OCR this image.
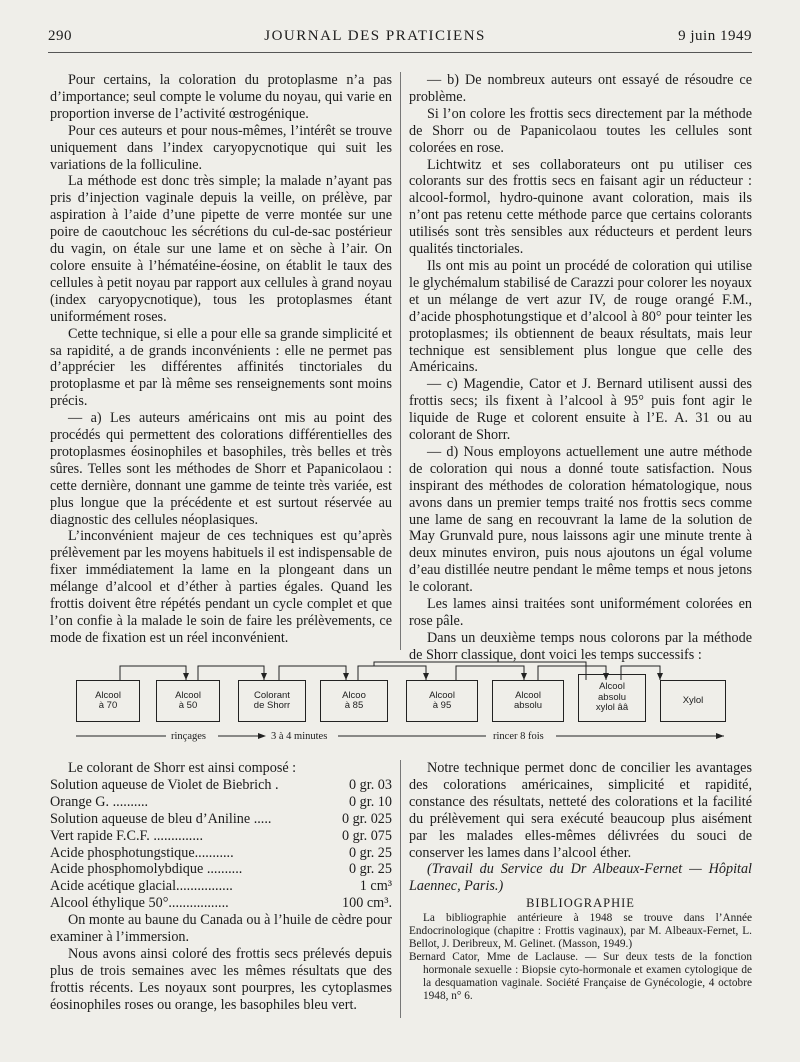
290	JOURNAL DES PRATICIENS	9 juin 1949

Pour certains, la coloration du protoplasme n’a pas d’importance; seul compte le volume du noyau, qui varie en proportion inverse de l’activité œstrogénique.

Pour ces auteurs et pour nous-mêmes, l’intérêt se trouve uniquement dans l’index caryopycnotique qui suit les variations de la folliculine.

La méthode est donc très simple; la malade n’ayant pas pris d’injection vaginale depuis la veille, on prélève, par aspiration à l’aide d’une pipette de verre montée sur une poire de caoutchouc les sécrétions du cul-de-sac postérieur du vagin, on étale sur une lame et on sèche à l’air. On colore ensuite à l’hématéine-éosine, on établit le taux des cellules à petit noyau par rapport aux cellules à grand noyau (index caryopycnotique), tous les protoplasmes étant uniformément roses.

Cette technique, si elle a pour elle sa grande simplicité et sa rapidité, a de grands inconvénients : elle ne permet pas d’apprécier les différentes affinités tinctoriales du protoplasme et par là même ses renseignements sont moins précis.

— a) Les auteurs américains ont mis au point des procédés qui permettent des colorations différentielles des protoplasmes éosinophiles et basophiles, très belles et très sûres. Telles sont les méthodes de Shorr et Papanicolaou : cette dernière, donnant une gamme de teinte très variée, est plus longue que la précédente et est surtout réservée au diagnostic des cellules néoplasiques.

L’inconvénient majeur de ces techniques est qu’après prélèvement par les moyens habituels il est indispensable de fixer immédiatement la lame en la plongeant dans un mélange d’alcool et d’éther à parties égales. Quand les frottis doivent être répétés pendant un cycle complet et que l’on confie à la malade le soin de faire les prélèvements, ce mode de fixation est un réel inconvénient.

— b) De nombreux auteurs ont essayé de résoudre ce problème.

Si l’on colore les frottis secs directement par la méthode de Shorr ou de Papanicolaou toutes les cellules sont colorées en rose.

Lichtwitz et ses collaborateurs ont pu utiliser ces colorants sur des frottis secs en faisant agir un réducteur : alcool-formol, hydro-quinone avant coloration, mais ils n’ont pas retenu cette méthode parce que certains colorants utilisés sont très sensibles aux réducteurs et perdent leurs qualités tinctoriales.

Ils ont mis au point un procédé de coloration qui utilise le glychémalum stabilisé de Carazzi pour colorer les noyaux et un mélange de vert azur IV, de rouge orangé F.M., d’acide phosphotungstique et d’alcool à 80° pour teinter les protoplasmes; ils obtiennent de beaux résultats, mais leur technique est sensiblement plus longue que celle des Américains.

— c) Magendie, Cator et J. Bernard utilisent aussi des frottis secs; ils fixent à l’alcool à 95° puis font agir le liquide de Ruge et colorent ensuite à l’E. A. 31 ou au colorant de Shorr.

— d) Nous employons actuellement une autre méthode de coloration qui nous a donné toute satisfaction. Nous inspirant des méthodes de coloration hématologique, nous avons dans un premier temps traité nos frottis secs comme une lame de sang en recouvrant la lame de la solution de May Grunvald pure, nous laissons agir une minute trente à deux minutes environ, puis nous ajoutons un égal volume d’eau distillée neutre pendant le même temps et nous jetons le colorant.

Les lames ainsi traitées sont uniformément colorées en rose pâle.

Dans un deuxième temps nous colorons par la méthode de Shorr classique, dont voici les temps successifs :

Alcool
à 70
Alcool
à 50
Colorant
de Shorr
Alcoo
à 85
Alcool
à 95
Alcool
absolu
Alcool
absolu
xylol ââ
Xylol
rinçages	3 à 4 minutes	rincer 8 fois

Le colorant de Shorr est ainsi composé :

Solution aqueuse de Violet de Biebrich .	0 gr. 03
Orange G. ..........	0 gr. 10
Solution aqueuse de bleu d’Aniline .....	0 gr. 025
Vert rapide F.C.F. ..............	0 gr. 075
Acide phosphotungstique...........	0 gr. 25
Acide phosphomolybdique ..........	0 gr. 25
Acide acétique glacial................	1 cm³
Alcool éthylique 50°.................	100 cm³.

On monte au baune du Canada ou à l’huile de cèdre pour examiner à l’immersion.

Nous avons ainsi coloré des frottis secs prélevés depuis plus de trois semaines avec les mêmes résultats que des frottis récents. Les noyaux sont pourpres, les cytoplasmes éosinophiles roses ou orange, les basophiles bleu vert.

Notre technique permet donc de concilier les avantages des colorations américaines, simplicité et rapidité, constance des résultats, netteté des colorations et la facilité du prélèvement qui sera exécuté beaucoup plus aisément par les malades elles-mêmes délivrées du souci de conserver les lames dans l’alcool éther.

(Travail du Service du Dr Albeaux-Fernet — Hôpital Laennec, Paris.)

BIBLIOGRAPHIE

La bibliographie antérieure à 1948 se trouve dans l’Année Endocrinologique (chapitre : Frottis vaginaux), par M. Albeaux-Fernet, L. Bellot, J. Deribreux, M. Gelinet. (Masson, 1949.)

Bernard Cator, Mme de Laclause. — Sur deux tests de la fonction hormonale sexuelle : Biopsie cyto-hormonale et examen cytologique de la desquamation vaginale. Société Française de Gynécologie, 4 octobre 1948, n° 6.
